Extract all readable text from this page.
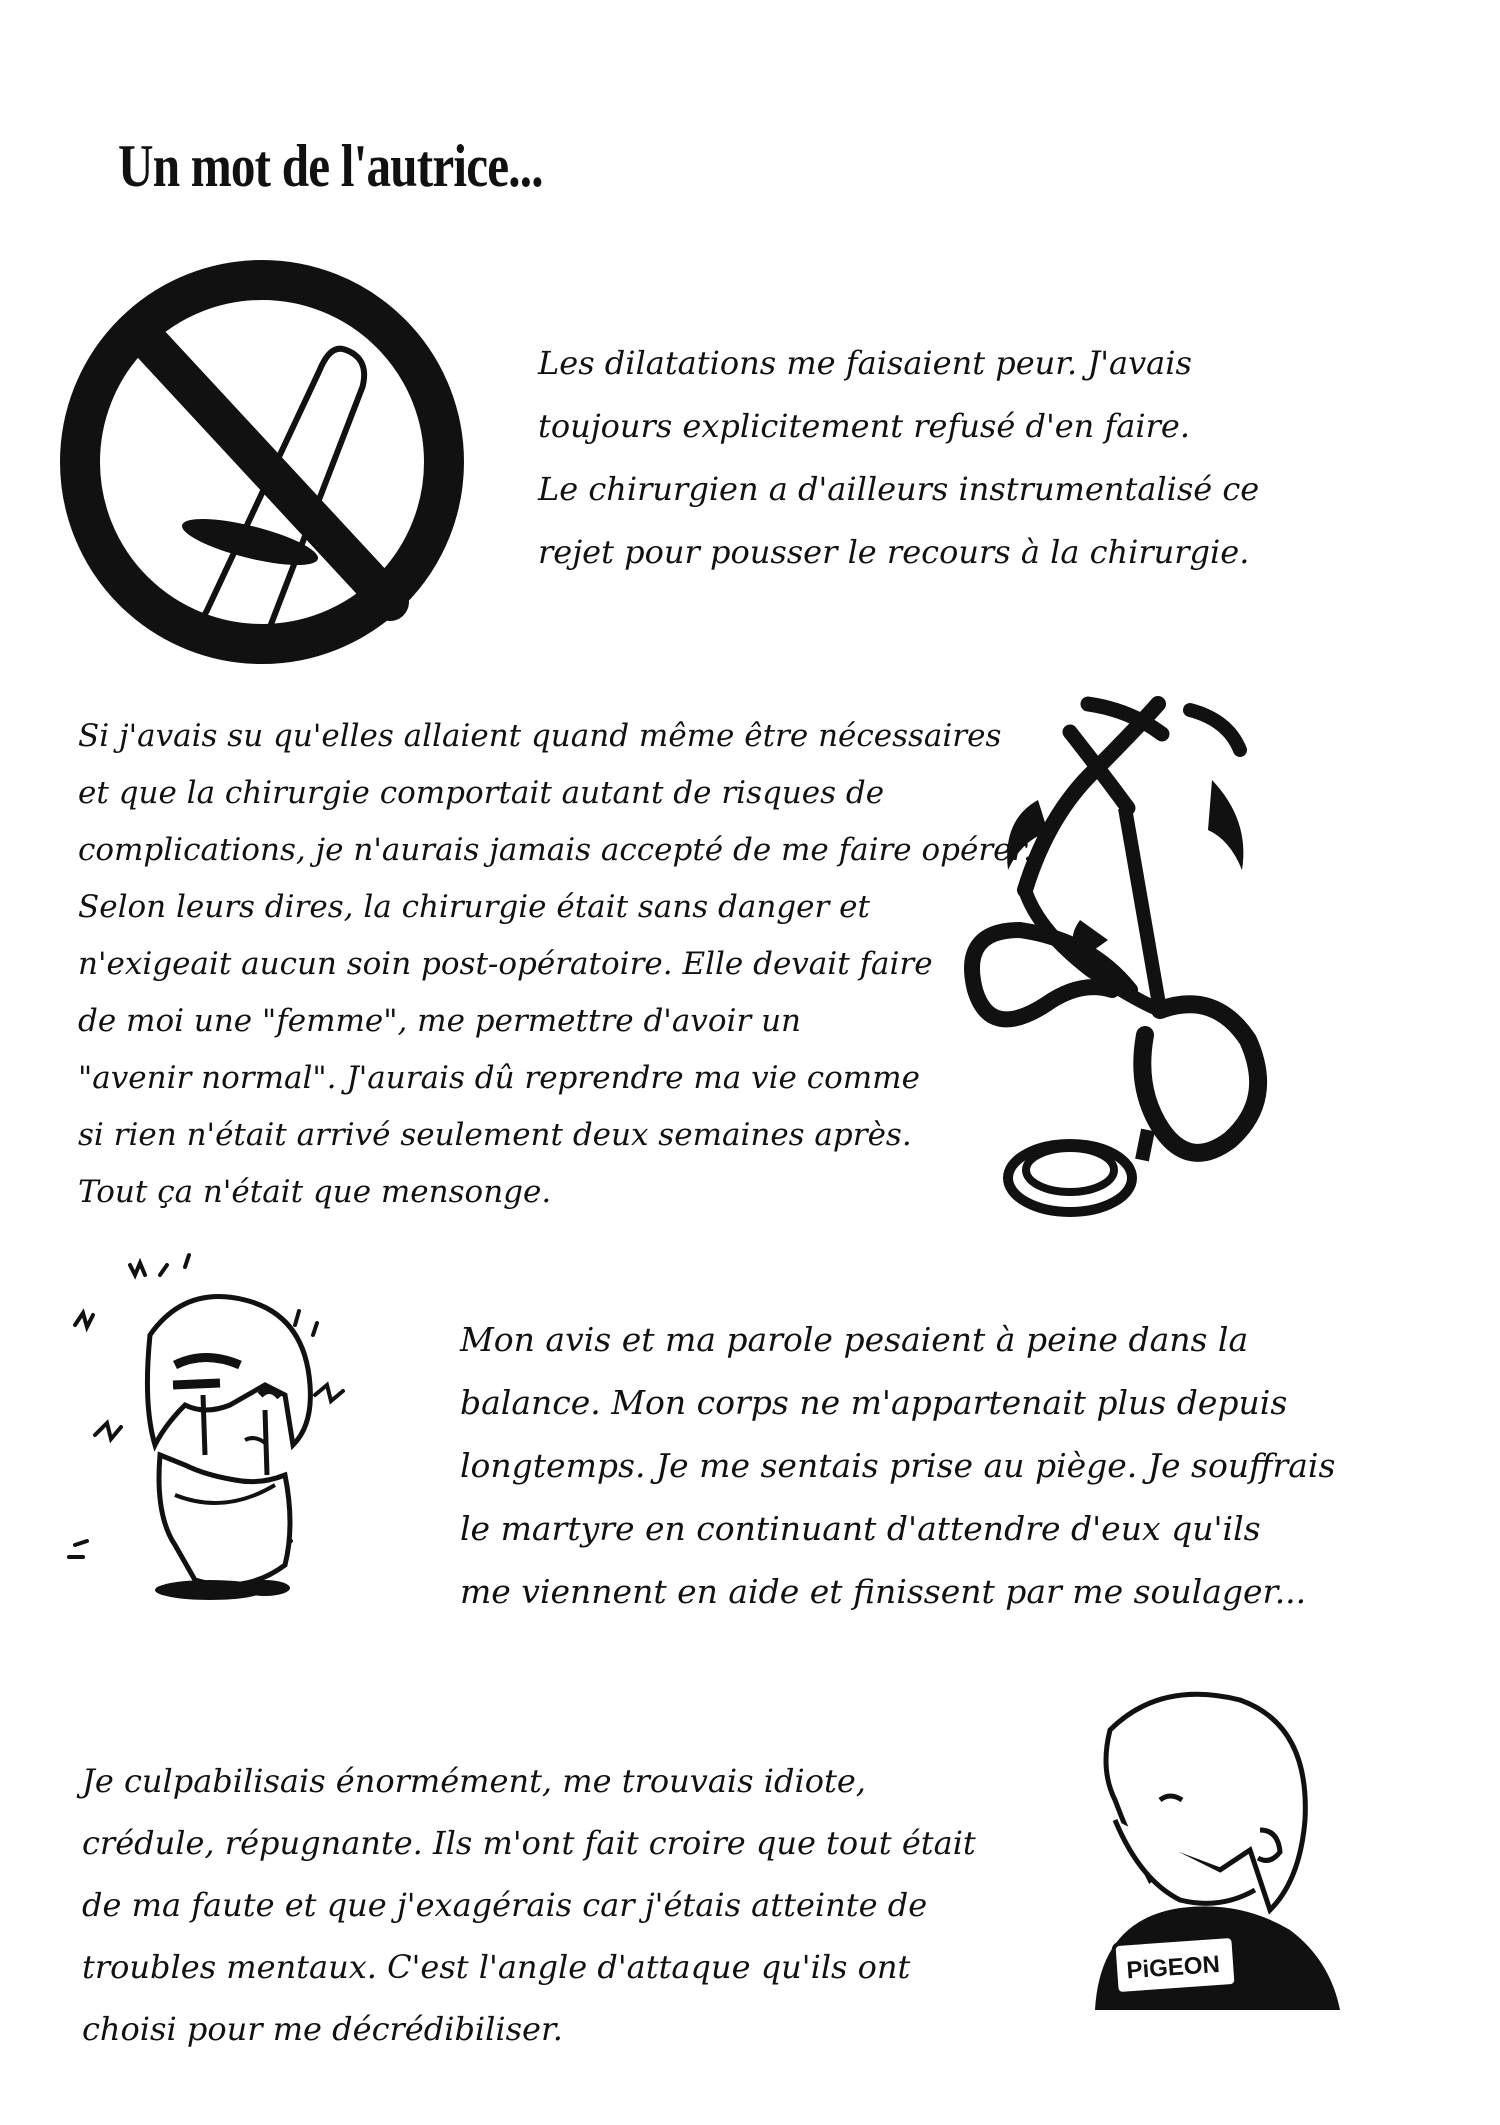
Un mot de l'autrice...
PiGEON
Les dilatations me faisaient peur. J'avais
toujours explicitement refusé d'en faire.
Le chirurgien a d'ailleurs instrumentalisé ce
rejet pour pousser le recours à la chirurgie.
Si j'avais su qu'elles allaient quand même être nécessaires
et que la chirurgie comportait autant de risques de
complications, je n'aurais jamais accepté de me faire opérer.
Selon leurs dires, la chirurgie était sans danger et
n'exigeait aucun soin post-opératoire. Elle devait faire
de moi une "femme", me permettre d'avoir un
"avenir normal". J'aurais dû reprendre ma vie comme
si rien n'était arrivé seulement deux semaines après.
Tout ça n'était que mensonge.
Mon avis et ma parole pesaient à peine dans la
balance. Mon corps ne m'appartenait plus depuis
longtemps. Je me sentais prise au piège. Je souffrais
le martyre en continuant d'attendre d'eux qu'ils
me viennent en aide et finissent par me soulager...
Je culpabilisais énormément, me trouvais idiote,
crédule, répugnante. Ils m'ont fait croire que tout était
de ma faute et que j'exagérais car j'étais atteinte de
troubles mentaux. C'est l'angle d'attaque qu'ils ont
choisi pour me décrédibiliser.
